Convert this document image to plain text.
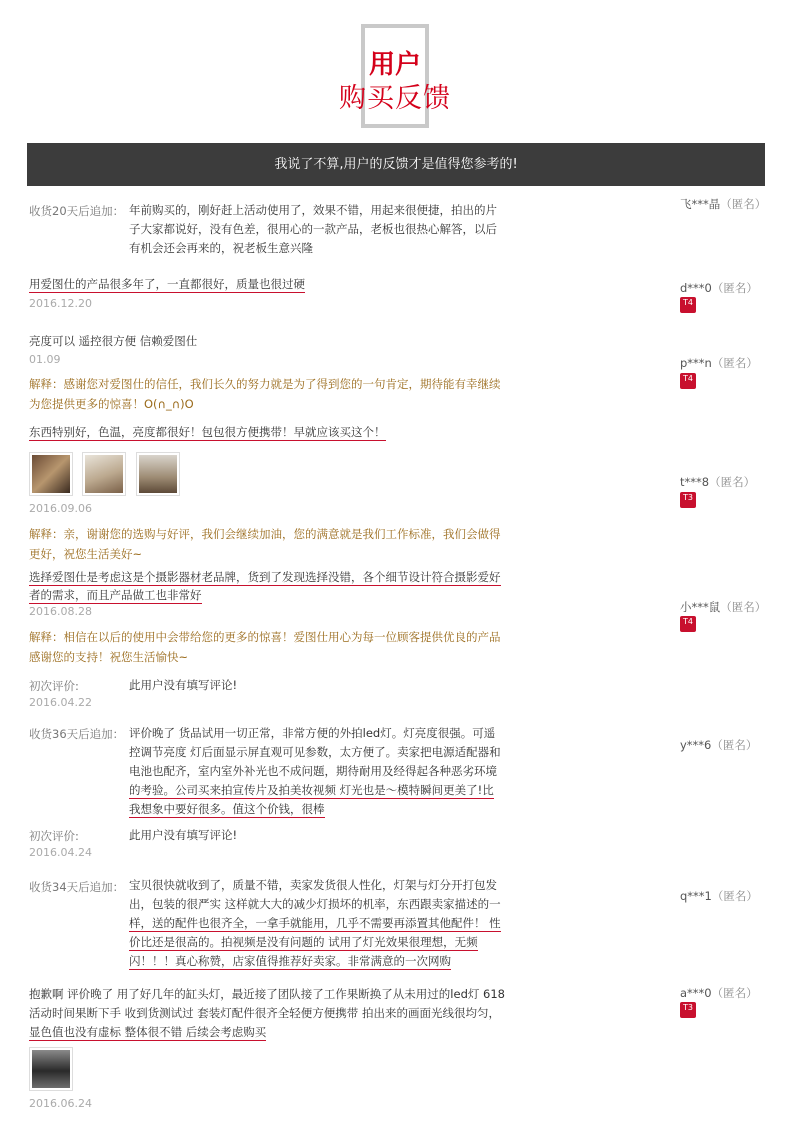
用户
购买反馈
我说了不算,用户的反馈才是值得您参考的!
收货20天后追加： 年前购买的，刚好赶上活动使用了，效果不错，用起来很便捷，拍出的片
子大家都说好，没有色差，很用心的一款产品，老板也很热心解答，以后
有机会还会再来的，祝老板生意兴隆
飞***晶（匿名）
用爱图仕的产品很多年了，一直都很好，质量也很过硬
2016.12.20
d***0（匿名）
T4
亮度可以 遥控很方便 信赖爱图仕
01.09
解释：感谢您对爱图仕的信任，我们长久的努力就是为了得到您的一句肯定，期待能有幸继续
为您提供更多的惊喜！O(∩_∩)O
p***n（匿名）
T4
东西特别好，色温，亮度都很好！包包很方便携带！早就应该买这个！
2016.09.06
解释：亲，谢谢您的选购与好评，我们会继续加油，您的满意就是我们工作标准，我们会做得
更好，祝您生活美好~
t***8（匿名）
T3
选择爱图仕是考虑这是个摄影器材老品牌，货到了发现选择没错，各个细节设计符合摄影爱好
者的需求，而且产品做工也非常好
2016.08.28
解释：相信在以后的使用中会带给您的更多的惊喜！爱图仕用心为每一位顾客提供优良的产品
感谢您的支持！祝您生活愉快~
小***鼠（匿名）
T4
初次评价:	此用户没有填写评论!
2016.04.22
收货36天后追加： 评价晚了 货品试用一切正常，非常方便的外拍led灯。灯亮度很强。可遥
控调节亮度 灯后面显示屏直观可见参数，太方便了。卖家把电源适配器和
电池也配齐，室内室外补光也不成问题，期待耐用及经得起各种恶劣环境
的考验。公司买来拍宣传片及拍美妆视频 灯光也是～模特瞬间更美了!比
我想象中要好很多。值这个价钱，很棒
y***6（匿名）
初次评价:	此用户没有填写评论!
2016.04.24
收货34天后追加： 宝贝很快就收到了，质量不错，卖家发货很人性化，灯架与灯分开打包发
出，包装的很严实 这样就大大的减少灯损坏的机率，东西跟卖家描述的一
样，送的配件也很齐全，一拿手就能用，几乎不需要再添置其他配件！ 性
价比还是很高的。拍视频是没有问题的 试用了灯光效果很理想，无频
闪！！！真心称赞，店家值得推荐好卖家。非常满意的一次网购
q***1（匿名）
抱歉啊 评价晚了 用了好几年的缸头灯，最近接了团队接了工作果断换了从未用过的led灯 618
活动时间果断下手 收到货测试过 套装灯配件很齐全轻便方便携带 拍出来的画面光线很均匀，
显色值也没有虚标 整体很不错 后续会考虑购买
2016.06.24
a***0（匿名）
T3
